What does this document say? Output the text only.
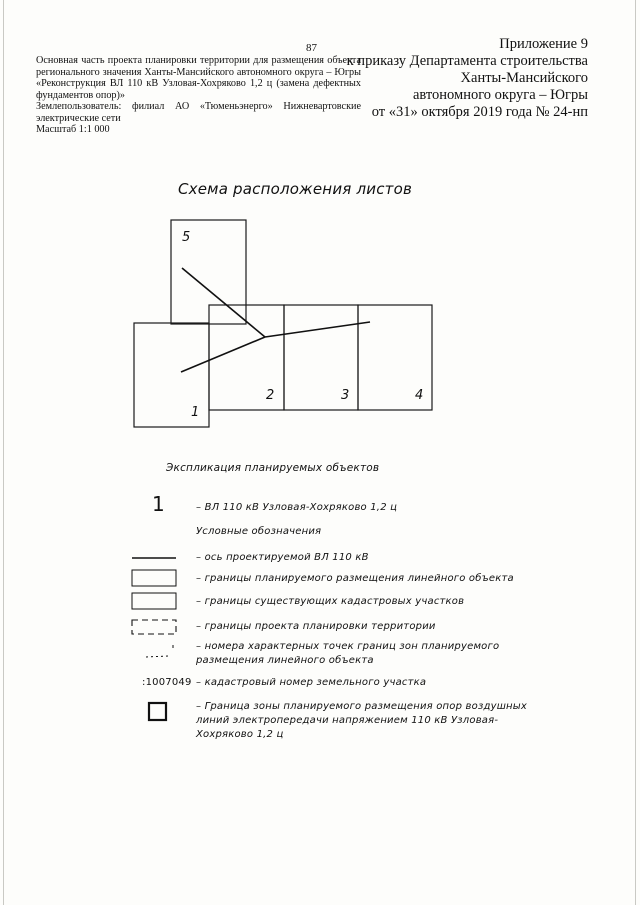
87	Приложение 9
к приказу Департамента строительства
Ханты-Мансийского
автономного округа – Югры
от «31» октября 2019 года № 24-нп

Основная часть проекта планировки территории для размещения объекта регионального значения Ханты-Мансийского автономного округа – Югры «Реконструкция ВЛ 110 кВ Узловая-Хохряково 1,2 ц (замена дефектных фундаментов опор)»

Землепользователь: филиал АО «Тюменьэнерго» Нижневартовские электрические сети

Масштаб 1:1 000

Схема расположения листов
5
1
2	3	4
Экспликация планируемых объектов
1	– ВЛ 110 кВ Узловая-Хохряково 1,2 ц
Условные обозначения
– ось проектируемой ВЛ 110 кВ
– границы планируемого размещения линейного объекта
– границы существующих кадастровых участков
– границы проекта планировки территории
– номера характерных точек границ зон планируемого размещения линейного объекта
:1007049 – кадастровый номер земельного участка
– Граница зоны планируемого размещения опор воздушных линий электропередачи напряжением 110 кВ Узловая-Хохряково 1,2 ц
